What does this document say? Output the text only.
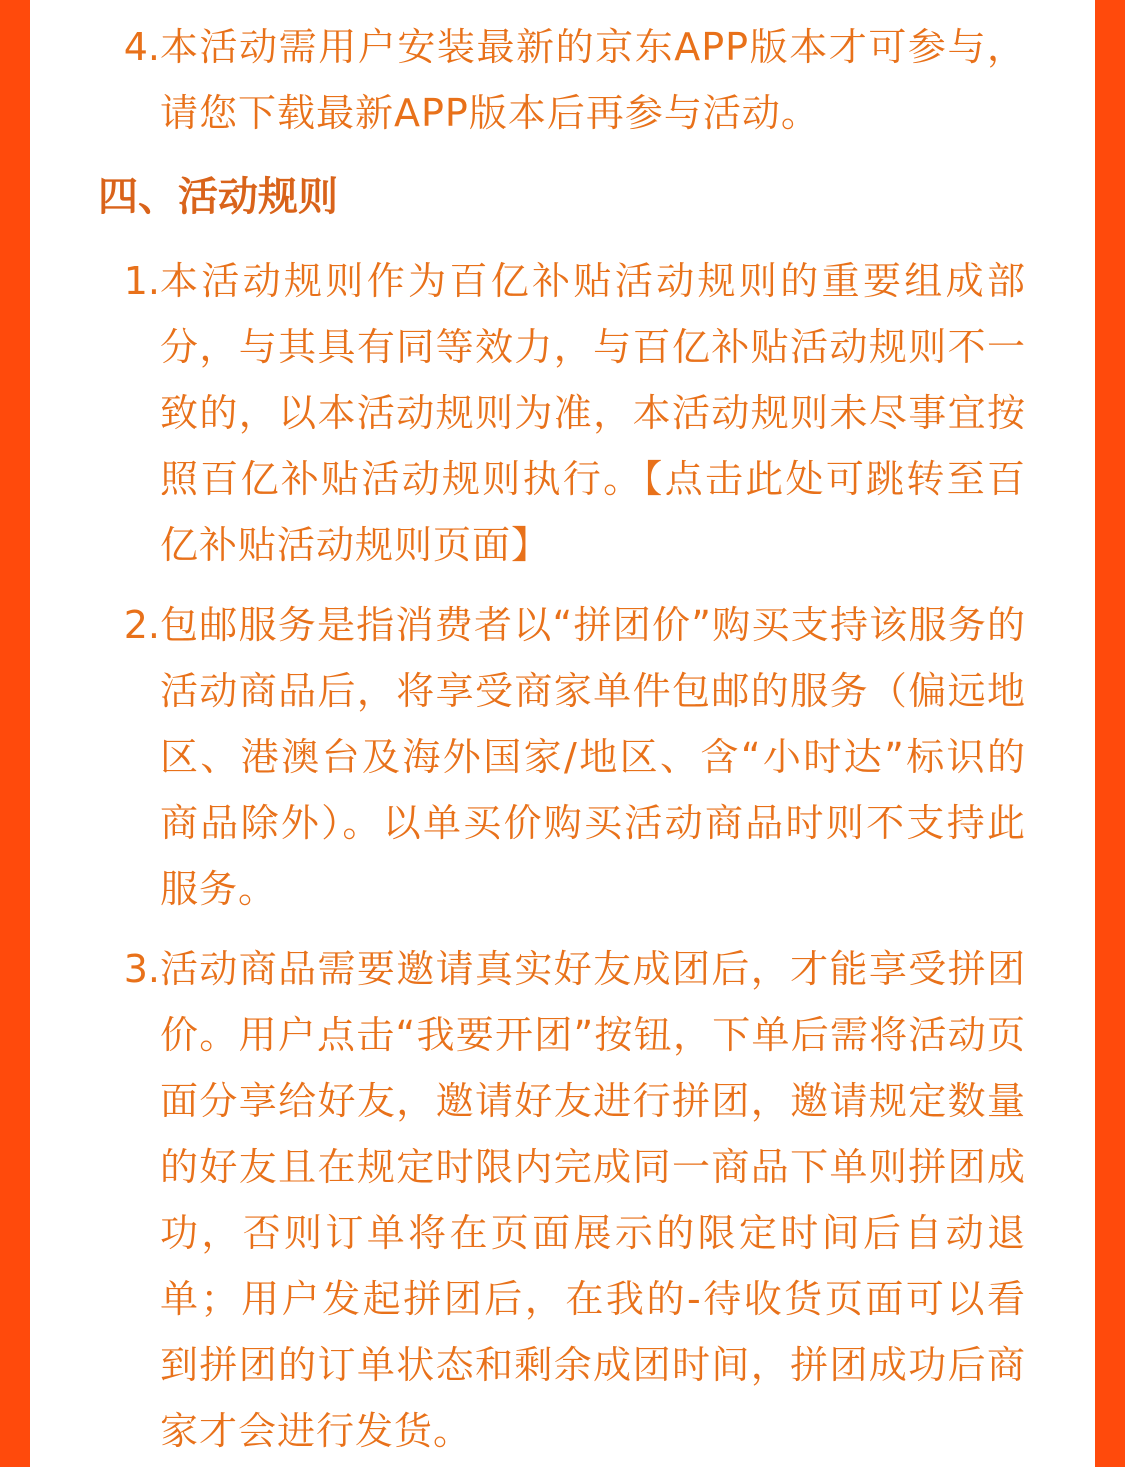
4. 本活动需用户安装最新的京东APP版本才可参与，请您下载最新APP版本后再参与活动。
四、活动规则
1. 本活动规则作为百亿补贴活动规则的重要组成部分，与其具有同等效力，与百亿补贴活动规则不一致的，以本活动规则为准，本活动规则未尽事宜按照百亿补贴活动规则执行。【点击此处可跳转至百亿补贴活动规则页面】
2. 包邮服务是指消费者以“拼团价”购买支持该服务的活动商品后，将享受商家单件包邮的服务（偏远地区、港澳台及海外国家/地区、含“小时达”标识的商品除外）。以单买价购买活动商品时则不支持此服务。
3. 活动商品需要邀请真实好友成团后，才能享受拼团价。用户点击“我要开团”按钮，下单后需将活动页面分享给好友，邀请好友进行拼团，邀请规定数量的好友且在规定时限内完成同一商品下单则拼团成功，否则订单将在页面展示的限定时间后自动退单；用户发起拼团后，在我的-待收货页面可以看到拼团的订单状态和剩余成团时间，拼团成功后商家才会进行发货。
